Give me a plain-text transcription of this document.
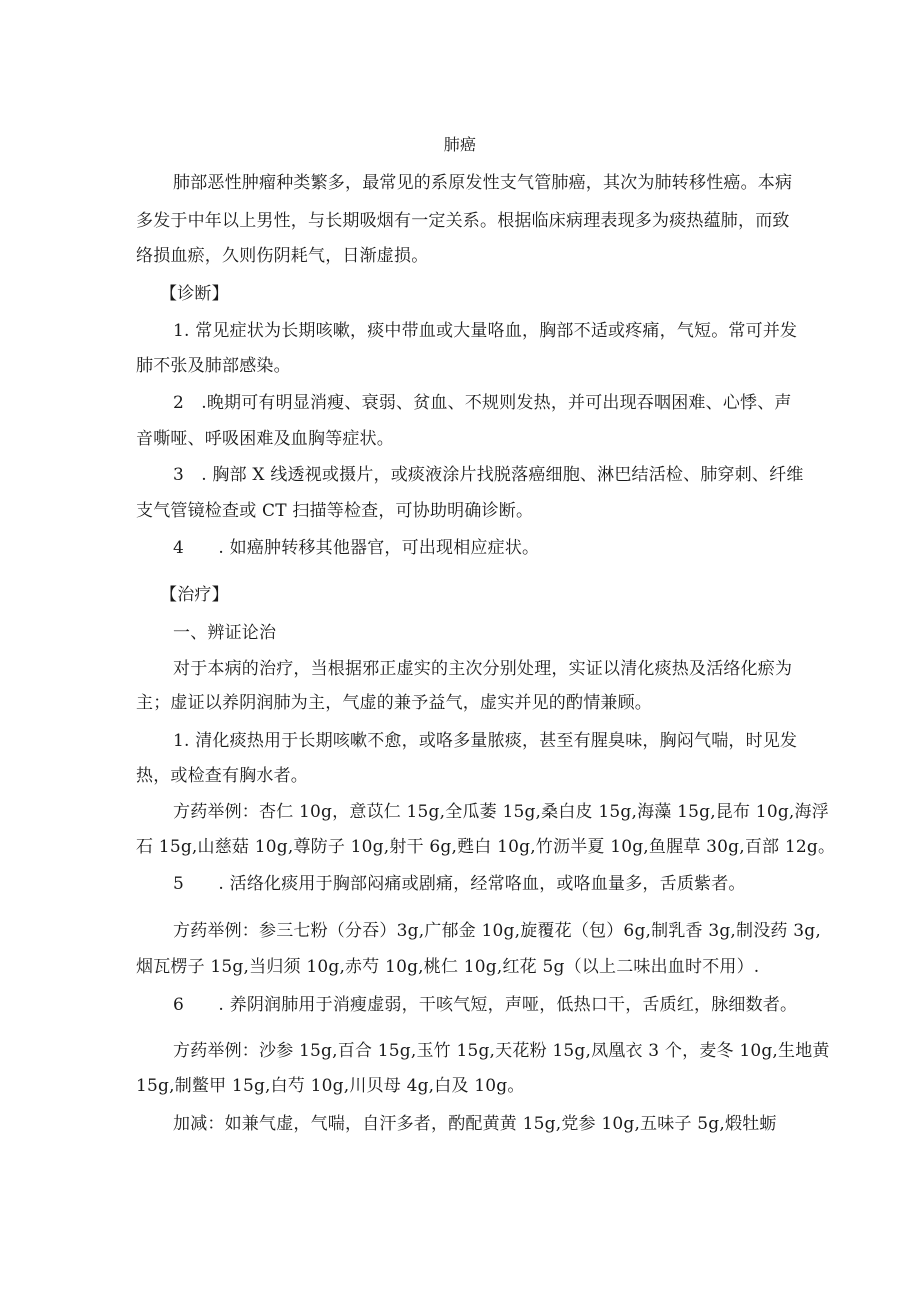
肺癌
肺部恶性肿瘤种类繁多，最常见的系原发性支气管肺癌，其次为肺转移性癌。本病
多发于中年以上男性，与长期吸烟有一定关系。根据临床病理表现多为痰热蕴肺，而致
络损血瘀，久则伤阴耗气，日渐虚损。
【诊断】
1. 常见症状为长期咳嗽，痰中带血或大量咯血，胸部不适或疼痛，气短。常可并发
肺不张及肺部感染。
2　.晚期可有明显消瘦、衰弱、贫血、不规则发热，并可出现吞咽困难、心悸、声
音嘶哑、呼吸困难及血胸等症状。
3　. 胸部 X 线透视或摄片，或痰液涂片找脱落癌细胞、淋巴结活检、肺穿刺、纤维
支气管镜检查或 CT 扫描等检查，可协助明确诊断。
4　　. 如癌肿转移其他器官，可出现相应症状。
【治疗】
一、辨证论治
对于本病的治疗，当根据邪正虚实的主次分别处理，实证以清化痰热及活络化瘀为
主；虚证以养阴润肺为主，气虚的兼予益气，虚实并见的酌情兼顾。
1. 清化痰热用于长期咳嗽不愈，或咯多量脓痰，甚至有腥臭味，胸闷气喘，时见发
热，或检查有胸水者。
方药举例：杏仁 10g，意苡仁 15g,全瓜萎 15g,桑白皮 15g,海藻 15g,昆布 10g,海浮
石 15g,山慈菇 10g,尊防子 10g,射干 6g,甦白 10g,竹沥半夏 10g,鱼腥草 30g,百部 12g。
5　　. 活络化痰用于胸部闷痛或剧痛，经常咯血，或咯血量多，舌质紫者。
方药举例：参三七粉（分吞）3g,广郁金 10g,旋覆花（包）6g,制乳香 3g,制没药 3g,
烟瓦楞子 15g,当归须 10g,赤芍 10g,桃仁 10g,红花 5g（以上二味出血时不用）.
6　　. 养阴润肺用于消瘦虚弱，干咳气短，声哑，低热口干，舌质红，脉细数者。
方药举例：沙参 15g,百合 15g,玉竹 15g,天花粉 15g,凤凰衣 3 个，麦冬 10g,生地黄
15g,制鳖甲 15g,白芍 10g,川贝母 4g,白及 10g。
加减：如兼气虚，气喘，自汗多者，酌配黄黄 15g,党参 10g,五味子 5g,煅牡蛎
